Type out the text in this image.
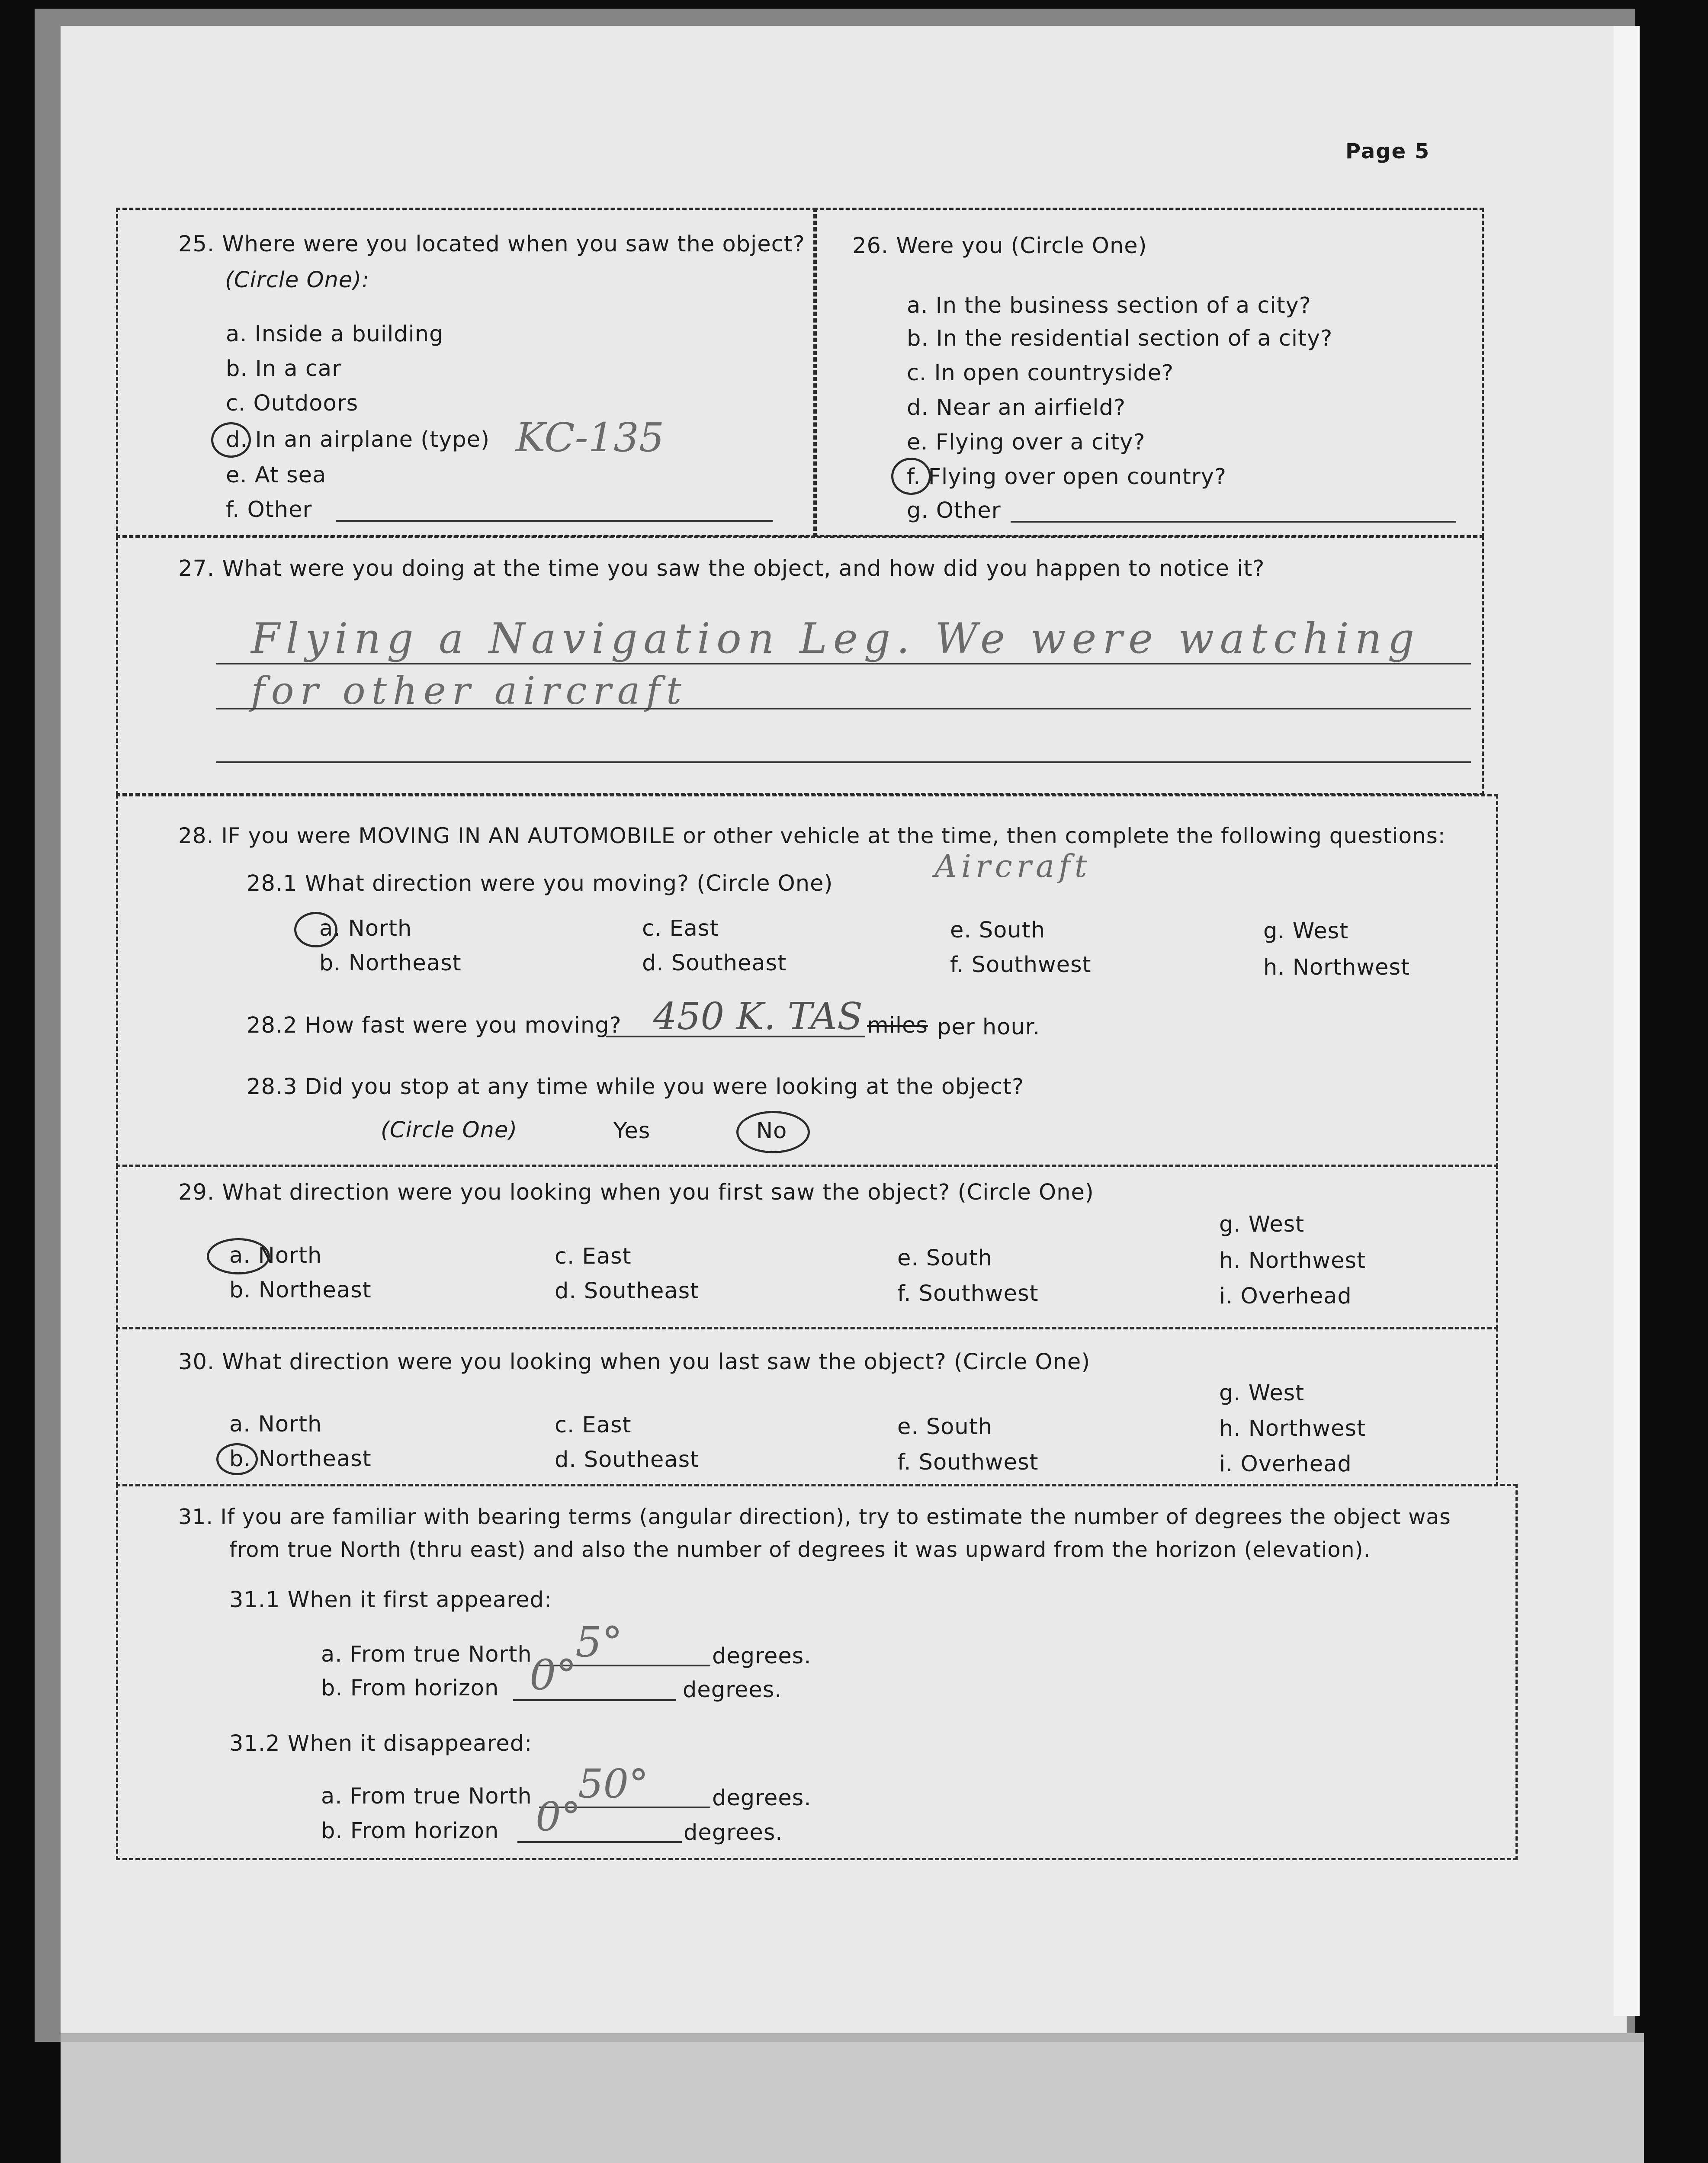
Page 5
25. Where were you located when you saw the object?
(Circle One):
a. Inside a building
b. In a car
c. Outdoors
d. In an airplane (type) KC-135
e. At sea
f. Other
26. Were you (Circle One)
a. In the business section of a city?
b. In the residential section of a city?
c. In open countryside?
d. Near an airfield?
e. Flying over a city?
f. Flying over open country?
g. Other
27. What were you doing at the time you saw the object, and how did you happen to notice it?
Flying a Navigation Leg. We were watching
for other aircraft
28. IF you were MOVING IN AN AUTOMOBILE or other vehicle at the time, then complete the following questions:
28.1 What direction were you moving? (Circle One)	Aircraft
a. North
b. Northeast
c. East
d. Southeast
e. South
f. Southwest
g. West
h. Northwest
28.2 How fast were you moving? 450 K. TAS miles per hour.
28.3 Did you stop at any time while you were looking at the object?
(Circle One)	Yes	No
29. What direction were you looking when you first saw the object? (Circle One)
a. North
b. Northeast
c. East
d. Southeast
e. South
f. Southwest
g. West
h. Northwest
i. Overhead
30. What direction were you looking when you last saw the object? (Circle One)
a. North
b. Northeast
c. East
d. Southeast
e. South
f. Southwest
g. West
h. Northwest
i. Overhead
31. If you are familiar with bearing terms (angular direction), try to estimate the number of degrees the object was
from true North (thru east) and also the number of degrees it was upward from the horizon (elevation).
31.1 When it first appeared:
a. From true North 5°	degrees.
b. From horizon 0°	degrees.
31.2 When it disappeared:
a. From true North 50°	degrees.
b. From horizon 0°	degrees.
